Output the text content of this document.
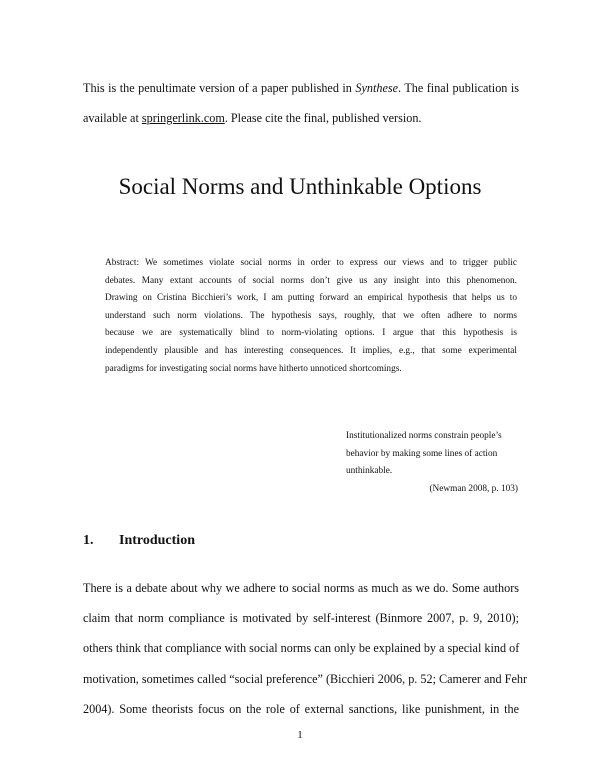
This is the penultimate version of a paper published in Synthese. The final publication is
available at springerlink.com. Please cite the final, published version.
Social Norms and Unthinkable Options
Abstract: We sometimes violate social norms in order to express our views and to trigger public
debates. Many extant accounts of social norms don’t give us any insight into this phenomenon.
Drawing on Cristina Bicchieri’s work, I am putting forward an empirical hypothesis that helps us to
understand such norm violations. The hypothesis says, roughly, that we often adhere to norms
because we are systematically blind to norm-violating options. I argue that this hypothesis is
independently plausible and has interesting consequences. It implies, e.g., that some experimental
paradigms for investigating social norms have hitherto unnoticed shortcomings.
Institutionalized norms constrain people’s
behavior by making some lines of action
unthinkable.
(Newman 2008, p. 103)
1. Introduction
There is a debate about why we adhere to social norms as much as we do. Some authors
claim that norm compliance is motivated by self-interest (Binmore 2007, p. 9, 2010);
others think that compliance with social norms can only be explained by a special kind of
motivation, sometimes called “social preference” (Bicchieri 2006, p. 52; Camerer and Fehr
2004). Some theorists focus on the role of external sanctions, like punishment, in the
1
